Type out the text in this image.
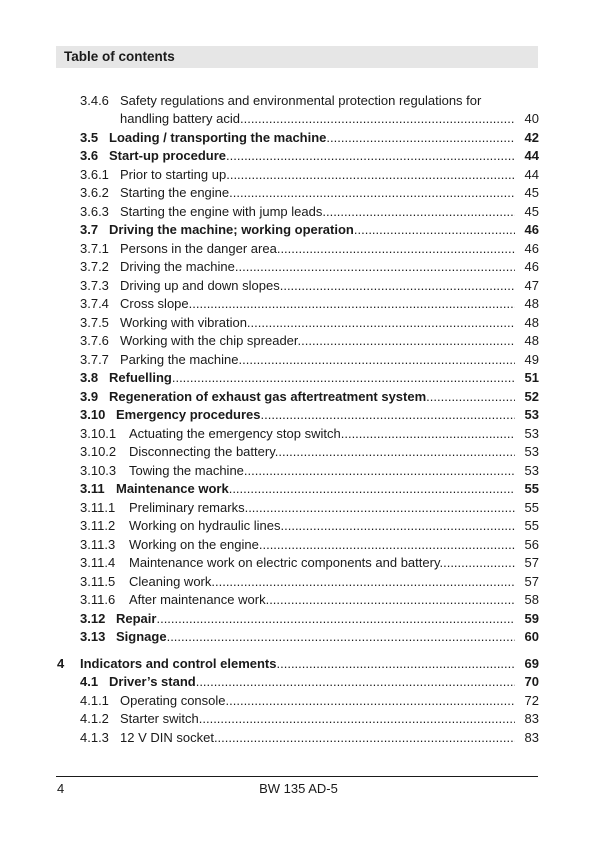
Table of contents
3.4.6 Safety regulations and environmental protection regulations for
handling battery acid .....	40
3.5 Loading / transporting the machine .....	42
3.6 Start-up procedure .....	44
3.6.1 Prior to starting up .....	44
3.6.2 Starting the engine .....	45
3.6.3 Starting the engine with jump leads .....	45
3.7 Driving the machine; working operation .....	46
3.7.1 Persons in the danger area .....	46
3.7.2 Driving the machine .....	46
3.7.3 Driving up and down slopes .....	47
3.7.4 Cross slope .....	48
3.7.5 Working with vibration .....	48
3.7.6 Working with the chip spreader .....	48
3.7.7 Parking the machine .....	49
3.8 Refuelling .....	51
3.9 Regeneration of exhaust gas aftertreatment system .....	52
3.10 Emergency procedures .....	53
3.10.1 Actuating the emergency stop switch .....	53
3.10.2 Disconnecting the battery .....	53
3.10.3 Towing the machine .....	53
3.11 Maintenance work .....	55
3.11.1	Preliminary remarks .....	55
3.11.2	Working on hydraulic lines .....	55
3.11.3	Working on the engine .....	56
3.11.4	Maintenance work on electric components and battery .....	57
3.11.5	Cleaning work .....	57
3.11.6	After maintenance work .....	58
3.12 Repair .....	59
3.13 Signage .....	60
4 Indicators and control elements .....	69
4.1 Driver’s stand .....	70
4.1.1 Operating console .....	72
4.1.2 Starter switch .....	83
4.1.3 12 V DIN socket .....	83
4	BW 135 AD-5
